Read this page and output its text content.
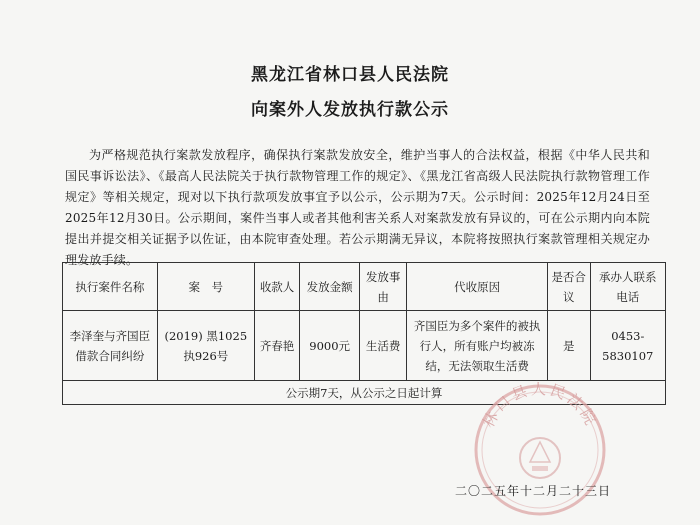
黑龙江省林口县人民法院
向案外人发放执行款公示

为严格规范执行案款发放程序，确保执行案款发放安全，维护当事人的合法权益，根据《中华人民共和国民事诉讼法》、《最高人民法院关于执行款物管理工作的规定》、《黑龙江省高级人民法院执行款物管理工作规定》等相关规定，现对以下执行款项发放事宜予以公示，公示期为7天。公示时间：2025年12月24日至2025年12月30日。公示期间，案件当事人或者其他利害关系人对案款发放有异议的，可在公示期内向本院提出并提交相关证据予以佐证，由本院审查处理。若公示期满无异议，本院将按照执行案款管理相关规定办理发放手续。

执行案件名称	案　号	收款人	发放金额	发放事由	代收原因	是否合议	承办人联系电话
李泽奎与齐国臣借款合同纠纷	(2019) 黑1025执926号	齐春艳	9000元	生活费	齐国臣为多个案件的被执行人，所有账户均被冻结，无法领取生活费	是	0453-5830107
公示期7天，从公示之日起计算							
林口县人民法院
二〇二五年十二月二十三日
